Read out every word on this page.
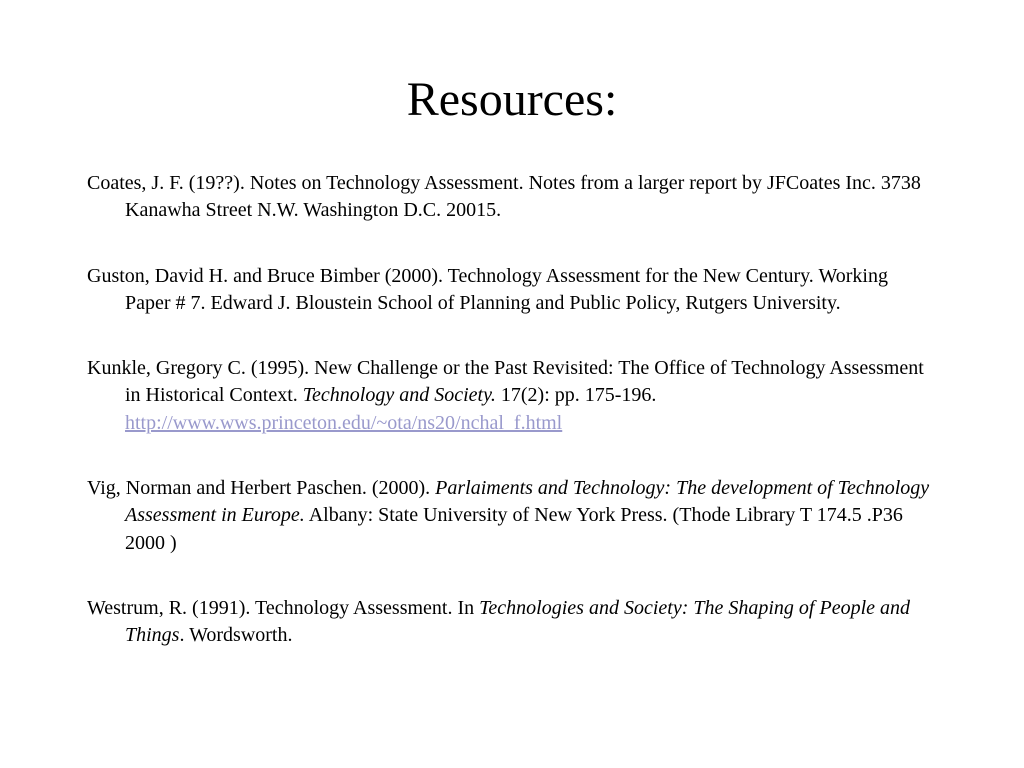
Resources:
Coates, J. F. (19??). Notes on Technology Assessment. Notes from a larger report by JFCoates Inc. 3738 Kanawha Street N.W. Washington D.C. 20015.
Guston, David H. and Bruce Bimber (2000). Technology Assessment for the New Century. Working Paper # 7. Edward J. Bloustein School of Planning and Public Policy, Rutgers University.
Kunkle, Gregory C. (1995). New Challenge or the Past Revisited: The Office of Technology Assessment in Historical Context. Technology and Society. 17(2): pp. 175-196. http://www.wws.princeton.edu/~ota/ns20/nchal_f.html
Vig, Norman and Herbert Paschen. (2000). Parlaiments and Technology: The development of Technology Assessment in Europe. Albany: State University of New York Press. (Thode Library T 174.5 .P36 2000 )
Westrum, R. (1991). Technology Assessment. In Technologies and Society: The Shaping of People and Things. Wordsworth.
